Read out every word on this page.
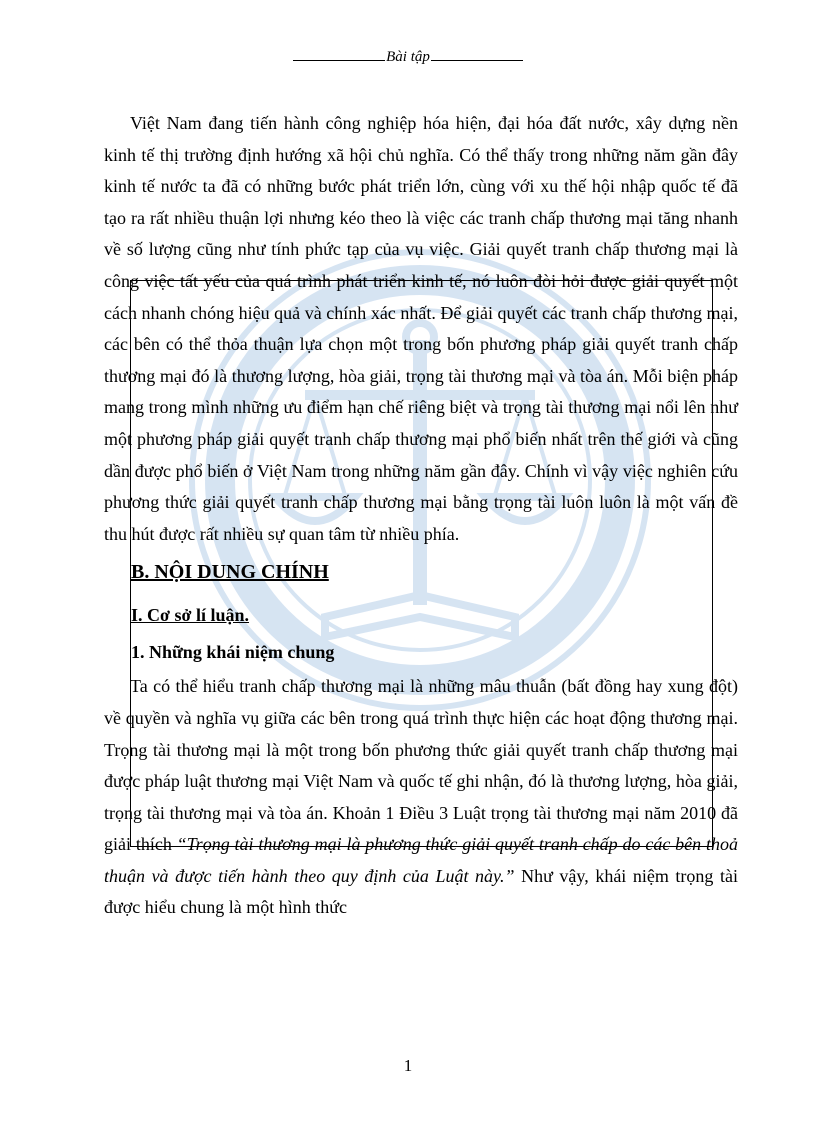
Bài tập

Việt Nam đang tiến hành công nghiệp hóa hiện, đại hóa đất nước, xây dựng nền kinh tế thị trường định hướng xã hội chủ nghĩa. Có thể thấy trong những năm gần đây kinh tế nước ta đã có những bước phát triển lớn, cùng với xu thế hội nhập quốc tế đã tạo ra rất nhiều thuận lợi nhưng kéo theo là việc các tranh chấp thương mại tăng nhanh về số lượng cũng như tính phức tạp của vụ việc. Giải quyết tranh chấp thương mại là công việc tất yếu của quá trình phát triển kinh tế, nó luôn đòi hỏi được giải quyết một cách nhanh chóng hiệu quả và chính xác nhất. Để giải quyết các tranh chấp thương mại, các bên có thể thỏa thuận lựa chọn một trong bốn phương pháp giải quyết tranh chấp thương mại đó là thương lượng, hòa giải, trọng tài thương mại và tòa án. Mỗi biện pháp mang trong mình những ưu điểm hạn chế riêng biệt và trọng tài thương mại nổi lên như một phương pháp giải quyết tranh chấp thương mại phổ biến nhất trên thế giới và cũng dần được phổ biến ở Việt Nam trong những năm gần đây. Chính vì vậy việc nghiên cứu phương thức giải quyết tranh chấp thương mại bằng trọng tài luôn luôn là một vấn đề thu hút được rất nhiều sự quan tâm từ nhiều phía.

B. NỘI DUNG CHÍNH

I. Cơ sở lí luận.

1. Những khái niệm chung

Ta có thể hiểu tranh chấp thương mại là những mâu thuẫn (bất đồng hay xung đột) về quyền và nghĩa vụ giữa các bên trong quá trình thực hiện các hoạt động thương mại. Trọng tài thương mại là một trong bốn phương thức giải quyết tranh chấp thương mại được pháp luật thương mại Việt Nam và quốc tế ghi nhận, đó là thương lượng, hòa giải, trọng tài thương mại và tòa án. Khoản 1 Điều 3 Luật trọng tài thương mại năm 2010 đã giải thích “Trọng tài thương mại là phương thức giải quyết tranh chấp do các bên thoả thuận và được tiến hành theo quy định của Luật này.” Như vậy, khái niệm trọng tài được hiểu chung là một hình thức

1
